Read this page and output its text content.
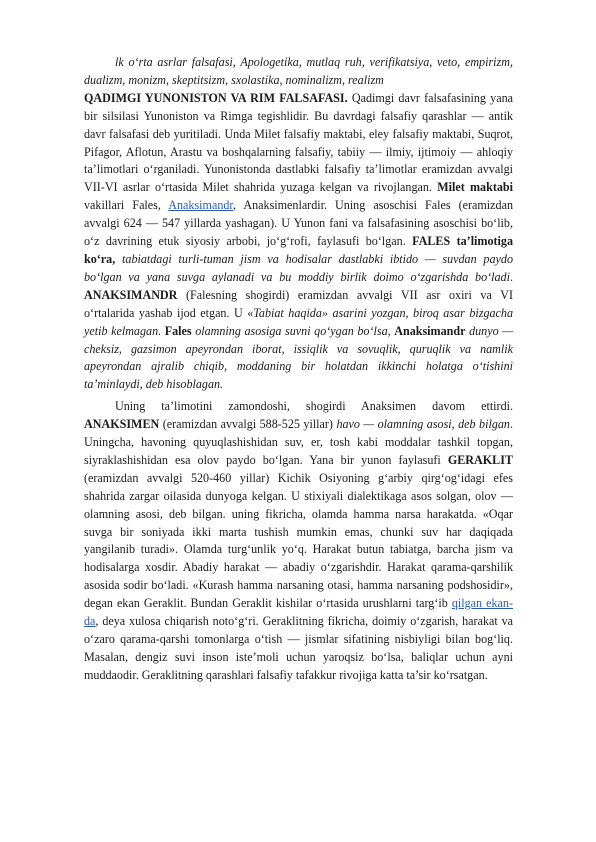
lk o‘rta asrlar falsafasi, Apologetika, mutlaq ruh, verifikatsiya, veto, empirizm, dualizm, monizm, skeptitsizm, sxolastika, nominalizm, realizm
QADIMGI YUNONISTON VA RIM FALSAFASI. Qadimgi davr falsafasining yana bir silsilasi Yunoniston va Rimga tegishlidir. Bu davrdagi falsafiy qarashlar — antik davr falsafasi deb yuritiladi. Unda Milet falsafiy maktabi, eley falsafiy maktabi, Suqrot, Pifagor, Aflotun, Arastu va boshqalarning falsafiy, tabiiy — ilmiy, ijtimoiy — ahloqiy ta’limotlari o‘rganiladi. Yunonistonda dastlabki falsafiy ta’limotlar eramizdan avvalgi VII-VI asrlar o‘rtasida Milet shahrida yuzaga kelgan va rivojlangan. Milet maktabi vakillari Fales, Anaksimandr, Anaksimenlardir. Uning asoschisi Fales (eramizdan avvalgi 624 — 547 yillarda yashagan). U Yunon fani va falsafasining asoschisi bo‘lib, o‘z davrining etuk siyosiy arbobi, jo‘g‘rofi, faylasufi bo‘lgan. FALES ta’limotiga ko‘ra, tabiatdagi turli-tuman jism va hodisalar dastlabki ibtido — suvdan paydo bo‘lgan va yana suvga aylanadi va bu moddiy birlik doimo o‘zgarishda bo‘ladi. ANAKSIMANDR (Falesning shogirdi) eramizdan avvalgi VII asr oxiri va VI o‘rtalarida yashab ijod etgan. U «Tabiat haqida» asarini yozgan, biroq asar bizgacha yetib kelmagan. Fales olamning asosiga suvni qo‘ygan bo‘lsa, Anaksimandr dunyo — cheksiz, gazsimon apeyrondan iborat, issiqlik va sovuqlik, quruqlik va namlik apeyrondan ajralib chiqib, moddaning bir holatdan ikkinchi holatga o‘tishini ta’minlaydi, deb hisoblagan.

Uning ta’limotini zamondoshi, shogirdi Anaksimen davom ettirdi. ANAKSIMEN (eramizdan avvalgi 588-525 yillar) havo — olamning asosi, deb bilgan. Uningcha, havoning quyuqlashishidan suv, er, tosh kabi moddalar tashkil topgan, siyraklashishidan esa olov paydo bo‘lgan. Yana bir yunon faylasufi GERAKLIT (eramizdan avvalgi 520-460 yillar) Kichik Osiyoning g‘arbiy qirg‘og‘idagi efes shahrida zargar oilasida dunyoga kelgan. U stixiyali dialektikaga asos solgan, olov — olamning asosi, deb bilgan. uning fikricha, olamda hamma narsa harakatda. «Oqar suvga bir soniyada ikki marta tushish mumkin emas, chunki suv har daqiqada yangilanib turadi». Olamda turg‘unlik yo‘q. Harakat butun tabiatga, barcha jism va hodisalarga xosdir. Abadiy harakat — abadiy o‘zgarishdir. Harakat qarama-qarshilik asosida sodir bo‘ladi. «Kurash hamma narsaning otasi, hamma narsaning podshosidir», degan ekan Geraklit. Bundan Geraklit kishilar o‘rtasida urushlarni targ‘ib qilgan ekan-da, deya xulosa chiqarish noto‘g‘ri. Geraklitning fikricha, doimiy o‘zgarish, harakat va o‘zaro qarama-qarshi tomonlarga o‘tish — jismlar sifatining nisbiyligi bilan bog‘liq. Masalan, dengiz suvi inson iste’moli uchun yaroqsiz bo‘lsa, baliqlar uchun ayni muddaodir. Geraklitning qarashlari falsafiy tafakkur rivojiga katta ta’sir ko‘rsatgan.
